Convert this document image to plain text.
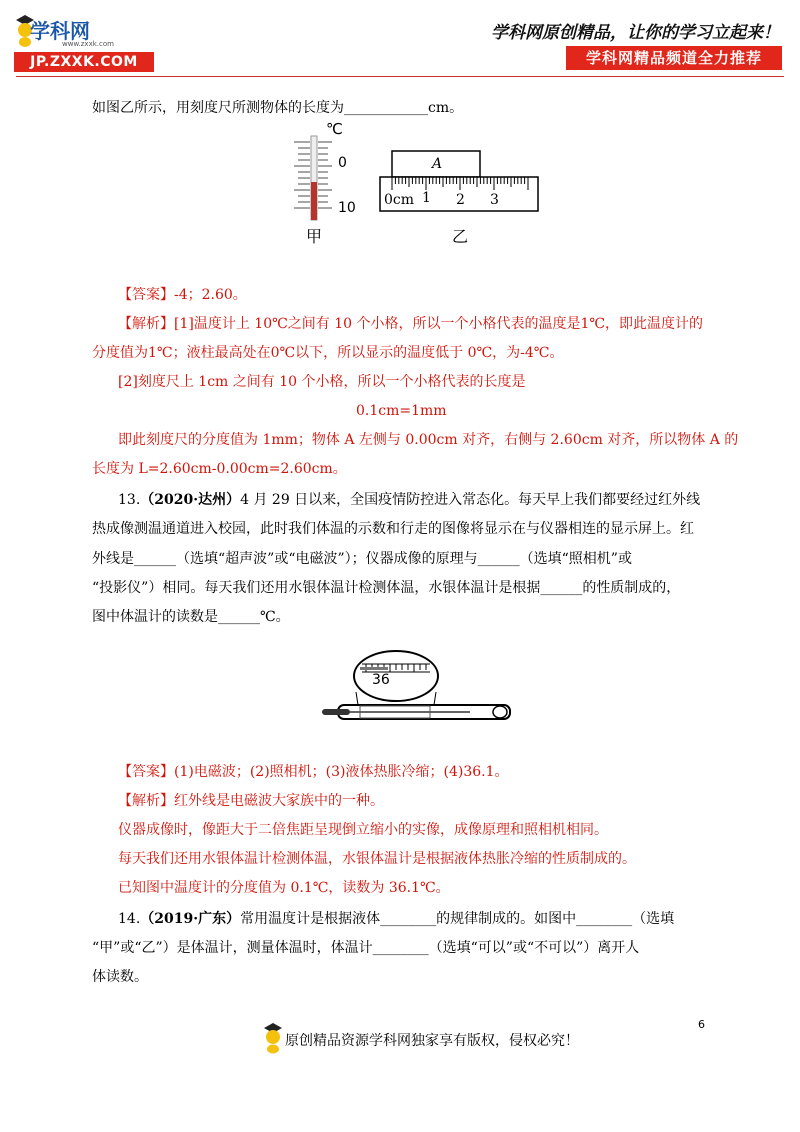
学科网
www.zxxk.com
JP.ZXXK.COM
学科网原创精品，让你的学习立起来！
学科网精品频道全力推荐
如图乙所示，用刻度尺所测物体的长度为____________cm。
℃
0
10
甲
A
0cm 1 2 3
乙
【答案】-4；2.60。
【解析】[1]温度计上 10℃之间有 10 个小格，所以一个小格代表的温度是1℃，即此温度计的
分度值为1℃；液柱最高处在0℃以下，所以显示的温度低于 0℃，为-4℃。
[2]刻度尺上 1cm 之间有 10 个小格，所以一个小格代表的长度是
0.1cm=1mm
即此刻度尺的分度值为 1mm；物体 A 左侧与 0.00cm 对齐，右侧与 2.60cm 对齐，所以物体 A 的
长度为 L=2.60cm-0.00cm=2.60cm。
13.（2020·达州）4 月 29 日以来，全国疫情防控进入常态化。每天早上我们都要经过红外线
热成像测温通道进入校园，此时我们体温的示数和行走的图像将显示在与仪器相连的显示屏上。红
外线是______（选填“超声波”或“电磁波”）；仪器成像的原理与______（选填“照相机”或
“投影仪”）相同。每天我们还用水银体温计检测体温，水银体温计是根据______的性质制成的，
图中体温计的读数是______℃。
36
【答案】(1)电磁波；(2)照相机；(3)液体热胀冷缩；(4)36.1。
【解析】红外线是电磁波大家族中的一种。
仪器成像时，像距大于二倍焦距呈现倒立缩小的实像，成像原理和照相机相同。
每天我们还用水银体温计检测体温，水银体温计是根据液体热胀冷缩的性质制成的。
已知图中温度计的分度值为 0.1℃，读数为 36.1℃。
14.（2019·广东）常用温度计是根据液体________的规律制成的。如图中________（选填
“甲”或“乙”）是体温计，测量体温时，体温计________（选填“可以”或“不可以”）离开人
体读数。
6
原创精品资源学科网独家享有版权，侵权必究！
